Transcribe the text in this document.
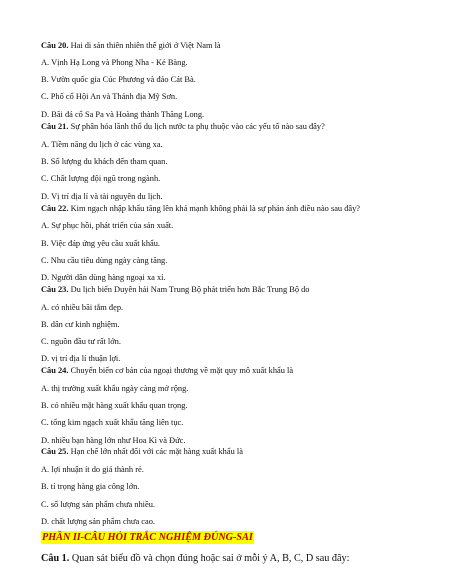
Câu 20. Hai di sản thiên nhiên thế giới ở Việt Nam là
A. Vịnh Hạ Long và Phong Nha - Kẻ Bàng.
B. Vườn quốc gia Cúc Phương và đảo Cát Bà.
C. Phố cổ Hội An và Thánh địa Mỹ Sơn.
D. Bãi đá cổ Sa Pa và Hoàng thành Thăng Long.
Câu 21. Sự phân hóa lãnh thổ du lịch nước ta phụ thuộc vào các yếu tố nào sau đây?
A. Tiềm năng du lịch ở các vùng xa.
B. Số lượng du khách đến tham quan.
C. Chất lượng đội ngũ trong ngành.
D. Vị trí địa lí và tài nguyên du lịch.
Câu 22. Kim ngạch nhập khẩu tăng lên khá mạnh không phải là sự phản ánh điều nào sau đây?
A. Sự phục hồi, phát triển của sản xuất.
B. Việc đáp ứng yêu cầu xuất khẩu.
C. Nhu cầu tiêu dùng ngày càng tăng.
D. Người dân dùng hàng ngoại xa xỉ.
Câu 23. Du lịch biển Duyên hải Nam Trung Bộ phát triển hơn Bắc Trung Bộ do
A. có nhiều bãi tắm đẹp.
B. dân cư kinh nghiệm.
C. nguồn đầu tư rất lớn.
D. vị trí địa lí thuận lợi.
Câu 24. Chuyển biến cơ bản của ngoại thương về mặt quy mô xuất khẩu là
A. thị trường xuất khẩu ngày càng mở rộng.
B. có nhiều mặt hàng xuất khẩu quan trọng.
C. tổng kim ngạch xuất khẩu tăng liên tục.
D. nhiều bạn hàng lớn như Hoa Kì và Đức.
Câu 25. Hạn chế lớn nhất đối với các mặt hàng xuất khẩu là
A. lợi nhuận ít do giá thành rẻ.
B. tỉ trọng hàng gia công lớn.
C. số lượng sản phẩm chưa nhiều.
D. chất lượng sản phẩm chưa cao.
PHẦN II-CÂU HỎI TRẮC NGHIỆM ĐÚNG-SAI
Câu 1. Quan sát biểu đồ và chọn đúng hoặc sai ở mỗi ý A, B, C, D sau đây:
